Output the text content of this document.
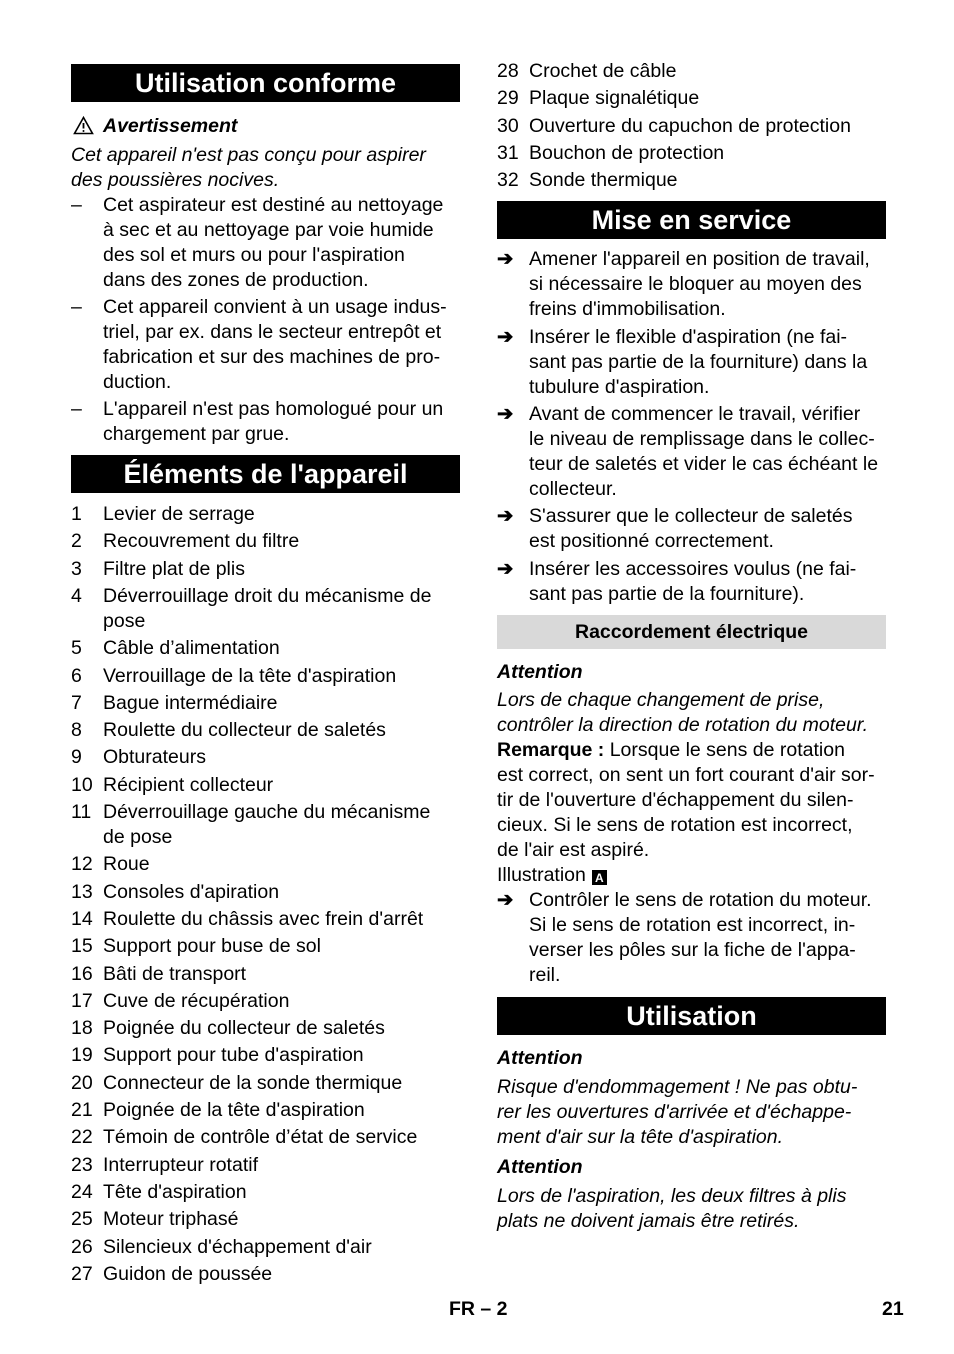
Utilisation conforme
Avertissement
Cet appareil n'est pas conçu pour aspirer
des poussières nocives.
– Cet aspirateur est destiné au nettoyage
à sec et au nettoyage par voie humide
des sol et murs ou pour l'aspiration
dans des zones de production.
– Cet appareil convient à un usage indus-
triel, par ex. dans le secteur entrepôt et
fabrication et sur des machines de pro-
duction.
– L'appareil n'est pas homologué pour un
chargement par grue.
Éléments de l'appareil
1 Levier de serrage
2 Recouvrement du filtre
3 Filtre plat de plis
4 Déverrouillage droit du mécanisme de
pose
5 Câble d’alimentation
6 Verrouillage de la tête d'aspiration
7 Bague intermédiaire
8 Roulette du collecteur de saletés
9 Obturateurs
10 Récipient collecteur
11 Déverrouillage gauche du mécanisme
de pose
12 Roue
13 Consoles d'apiration
14 Roulette du châssis avec frein d'arrêt
15 Support pour buse de sol
16 Bâti de transport
17 Cuve de récupération
18 Poignée du collecteur de saletés
19 Support pour tube d'aspiration
20 Connecteur de la sonde thermique
21 Poignée de la tête d'aspiration
22 Témoin de contrôle d’état de service
23 Interrupteur rotatif
24 Tête d'aspiration
25 Moteur triphasé
26 Silencieux d'échappement d'air
27 Guidon de poussée
28 Crochet de câble
29 Plaque signalétique
30 Ouverture du capuchon de protection
31 Bouchon de protection
32 Sonde thermique
Mise en service
➔ Amener l'appareil en position de travail,
si nécessaire le bloquer au moyen des
freins d'immobilisation.
➔ Insérer le flexible d'aspiration (ne fai-
sant pas partie de la fourniture) dans la
tubulure d'aspiration.
➔ Avant de commencer le travail, vérifier
le niveau de remplissage dans le collec-
teur de saletés et vider le cas échéant le
collecteur.
➔ S'assurer que le collecteur de saletés
est positionné correctement.
➔ Insérer les accessoires voulus (ne fai-
sant pas partie de la fourniture).
Raccordement électrique
Attention
Lors de chaque changement de prise,
contrôler la direction de rotation du moteur.
Remarque : Lorsque le sens de rotation
est correct, on sent un fort courant d'air sor-
tir de l'ouverture d'échappement du silen-
cieux. Si le sens de rotation est incorrect,
de l'air est aspiré.
Illustration A
➔ Contrôler le sens de rotation du moteur.
Si le sens de rotation est incorrect, in-
verser les pôles sur la fiche de l'appa-
reil.
Utilisation
Attention
Risque d'endommagement ! Ne pas obtu-
rer les ouvertures d'arrivée et d'échappe-
ment d'air sur la tête d'aspiration.
Attention
Lors de l'aspiration, les deux filtres à plis
plats ne doivent jamais être retirés.
FR – 2	21
